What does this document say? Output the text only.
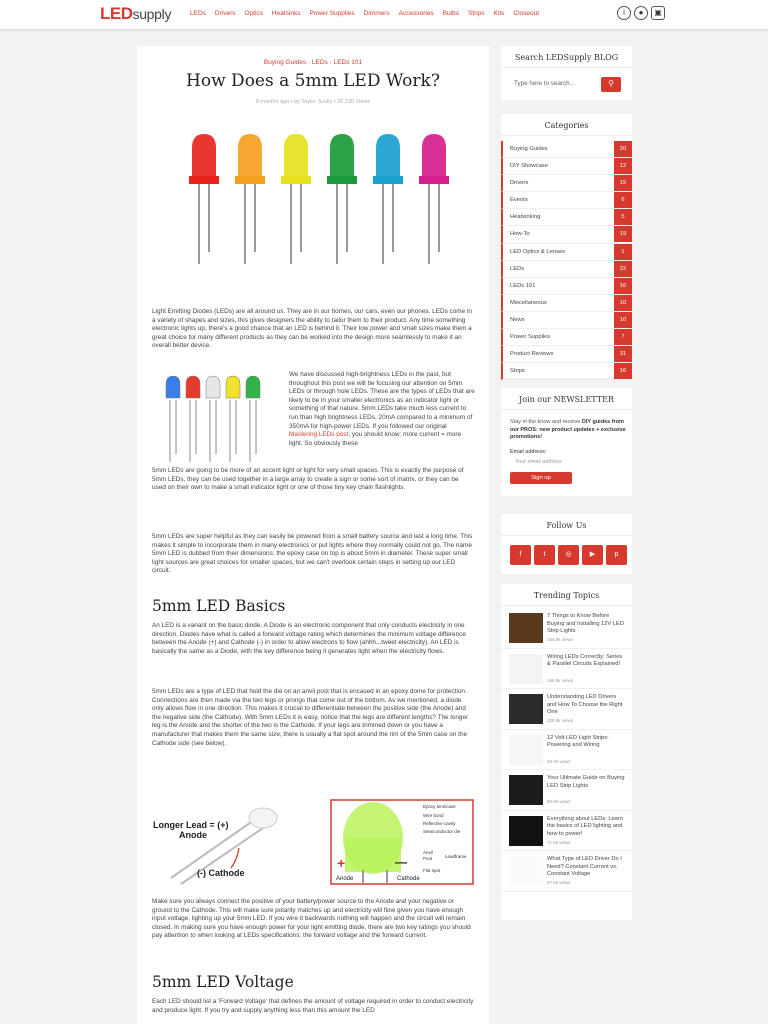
LEDsupply	LEDs Drivers Optics Heatsinks Power Supplies Dimmers Accessories Bulbs Strips Kits Closeout	i	●	▣
Buying Guides · LEDs · LEDs 101
How Does a 5mm LED Work?
8 months ago • by Taylor Scully • 20,130 Views
Light Emitting Diodes (LEDs) are all around us. They are in our homes, our cars, even our phones. LEDs come in a variety of shapes and sizes, this gives designers the ability to tailor them to their product. Any time something electronic lights up, there's a good chance that an LED is behind it. Their low power and small sizes make them a great choice for many different products as they can be worked into the design more seamlessly to make it an overall better device.
We have discussed high-brightness LEDs in the past, but throughout this post we will be focusing our attention on 5mm LEDs or through hole LEDs. These are the types of LEDs that are likely to be in your smaller electronics as an indicator light or something of that nature. 5mm LEDs take much less current to run than high brightness LEDs, 20mA compared to a minimum of 350mA for high-power LEDs. If you followed our original Mastering LEDs post, you should know: more current = more light. So obviously these
5mm LEDs are going to be more of an accent light or light for very small spaces. This is exactly the purpose of 5mm LEDs, they can be used together in a large array to create a sign or some sort of matrix, or they can be used on their own to make a small indicator light or one of those tiny key chain flashlights.
5mm LEDs are super helpful as they can easily be powered from a small battery source and last a long time. This makes it simple to incorporate them in many electronics or put lights where they normally could not go. The name 5mm LED is dubbed from their dimensions: the epoxy case on top is about 5mm in diameter. These super small light sources are great choices for smaller spaces, but we can't overlook certain steps in setting up our LED circuit.
5mm LED Basics
An LED is a variant on the basic diode. A Diode is an electronic component that only conducts electricity in one direction. Diodes have what is called a forward voltage rating which determines the minimum voltage difference between the Anode (+) and Cathode (-) in order to allow electrons to flow (ahhh...tweet electricity). An LED is basically the same as a Diode, with the key difference being it generates light when the electricity flows.
5mm LEDs are a type of LED that hold the die on an anvil post that is encased in an epoxy dome for protection. Connections are then made via the two legs or prongs that come out of the bottom. As we mentioned, a diode only allows flow in one direction. This makes it crucial to differentiate between the positive side (the Anode) and the negative side (the Cathode). With 5mm LEDs it is easy, notice that the legs are different lengths? The longer leg is the Anode and the shorter of the two is the Cathode. If your legs are trimmed down or you have a manufacturer that makes them the same size, there is usually a flat spot around the rim of the 5mm case on the Cathode side (see below).
Longer Lead = (+)
Anode
(-) Cathode
Epoxy lens/case
Wire bond
Reflective cavity
Semiconductor die
Anvil
Post	Leadframe
Flat spot
+	—
Anode	Cathode
Make sure you always connect the positive of your battery/power source to the Anode and your negative or ground to the Cathode. This will make sure polarity matches up and electricity will flow given you have enough input voltage, lighting up your 5mm LED. If you wire it backwards nothing will happen and the circuit will remain closed. In making sure you have enough power for your light emitting diode, there are two key ratings you should pay attention to when looking at LEDs specifications: the forward voltage and the forward current.
5mm LED Voltage
Each LED should list a 'Forward Voltage' that defines the amount of voltage required in order to conduct electricity and produce light. If you try and supply anything less than this amount the LED
Search LEDSupply BLOG
Type here to search...	⚲
Categories
Buying Guides	20
DIY Showcase	12
Drivers	15
Events	6
Heatsinking	5
How-To	19
LED Optics & Lenses	1
LEDs	22
LEDs 101	16
Miscellaneous	10
News	10
Power Supplies	7
Product Reviews	31
Strips	16
Join our NEWSLETTER
Stay in the know and receive DIY guides from our PROS: new product updates + exclusive promotions!
Email address:
Your email address
Sign up
Follow Us
f	t	◎	▶	p
Trending Topics
7 Things to Know Before Buying and Installing 12V LED Strip Lights
254.8k views
Wiring LEDs Correctly: Series & Parallel Circuits Explained!
166.8k views
Understanding LED Drivers and How To Choose the Right One
128.9k views
12 Volt LED Light Strips: Powering and Wiring
98.4k views
Your Ultimate Guide on Buying LED Strip Lights
80.8k views
Everything about LEDs: Learn the basics of LED lighting and how to power!
71.6k views
What Type of LED Driver Do I Need? Constant Current vs. Constant Voltage
67.6k views
